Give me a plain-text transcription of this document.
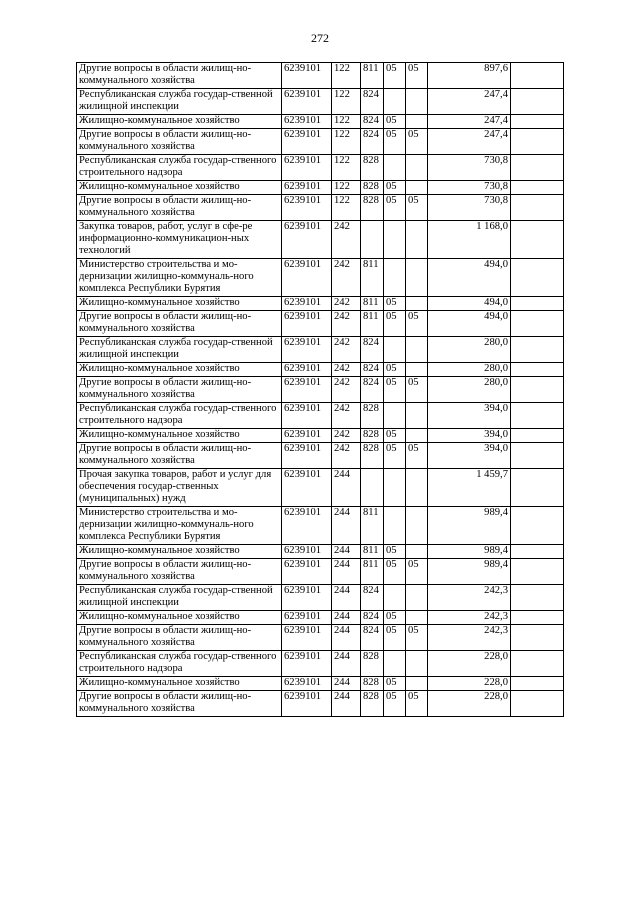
272
Другие вопросы в области жилищ-но-коммунального хозяйства	6239101	122	811	05	05	897,6	
Республиканская служба государ-ственной жилищной инспекции	6239101	122	824			247,4	
Жилищно-коммунальное хозяйство	6239101	122	824	05		247,4	
Другие вопросы в области жилищ-но-коммунального хозяйства	6239101	122	824	05	05	247,4	
Республиканская служба государ-ственного строительного надзора	6239101	122	828			730,8	
Жилищно-коммунальное хозяйство	6239101	122	828	05		730,8	
Другие вопросы в области жилищ-но-коммунального хозяйства	6239101	122	828	05	05	730,8	
Закупка товаров, работ, услуг в сфе-ре информационно-коммуникацион-ных технологий	6239101	242				1 168,0	
Министерство строительства и мо-дернизации жилищно-коммуналь-ного комплекса Республики Бурятия	6239101	242	811			494,0	
Жилищно-коммунальное хозяйство	6239101	242	811	05		494,0	
Другие вопросы в области жилищ-но-коммунального хозяйства	6239101	242	811	05	05	494,0	
Республиканская служба государ-ственной жилищной инспекции	6239101	242	824			280,0	
Жилищно-коммунальное хозяйство	6239101	242	824	05		280,0	
Другие вопросы в области жилищ-но-коммунального хозяйства	6239101	242	824	05	05	280,0	
Республиканская служба государ-ственного строительного надзора	6239101	242	828			394,0	
Жилищно-коммунальное хозяйство	6239101	242	828	05		394,0	
Другие вопросы в области жилищ-но-коммунального хозяйства	6239101	242	828	05	05	394,0	
Прочая закупка товаров, работ и услуг для обеспечения государ-ственных (муниципальных) нужд	6239101	244				1 459,7	
Министерство строительства и мо-дернизации жилищно-коммуналь-ного комплекса Республики Бурятия	6239101	244	811			989,4	
Жилищно-коммунальное хозяйство	6239101	244	811	05		989,4	
Другие вопросы в области жилищ-но-коммунального хозяйства	6239101	244	811	05	05	989,4	
Республиканская служба государ-ственной жилищной инспекции	6239101	244	824			242,3	
Жилищно-коммунальное хозяйство	6239101	244	824	05		242,3	
Другие вопросы в области жилищ-но-коммунального хозяйства	6239101	244	824	05	05	242,3	
Республиканская служба государ-ственного строительного надзора	6239101	244	828			228,0	
Жилищно-коммунальное хозяйство	6239101	244	828	05		228,0	
Другие вопросы в области жилищ-но-коммунального хозяйства	6239101	244	828	05	05	228,0	
